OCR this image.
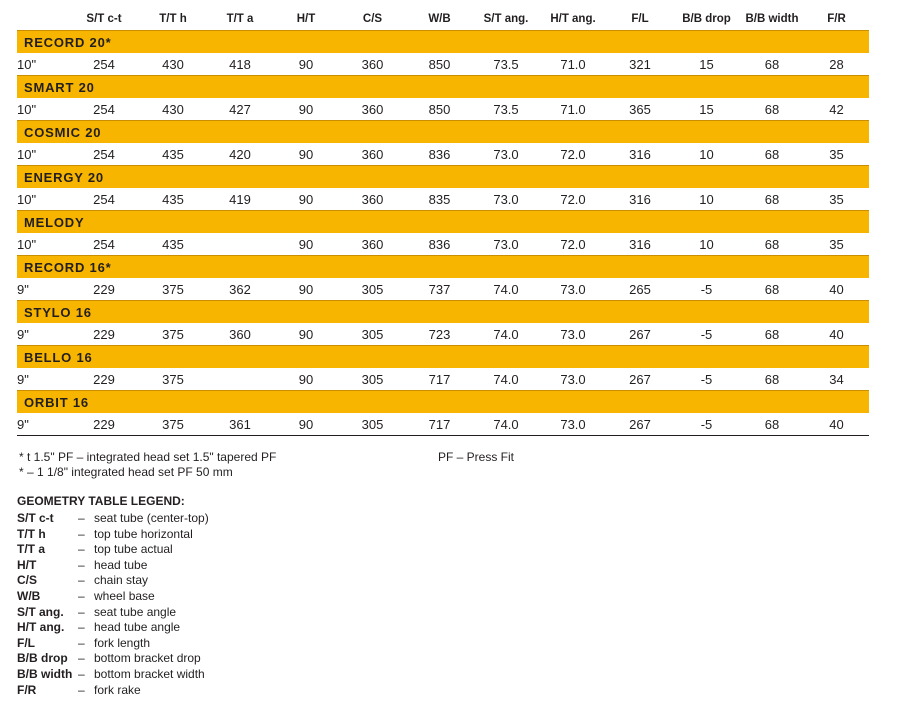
	S/T c-t	T/T h	T/T a	H/T	C/S	W/B	S/T ang.	H/T ang.	F/L	B/B drop	B/B width	F/R
RECORD 20*												
10"	254	430	418	90	360	850	73.5	71.0	321	15	68	28
SMART 20												
10"	254	430	427	90	360	850	73.5	71.0	365	15	68	42
COSMIC 20												
10"	254	435	420	90	360	836	73.0	72.0	316	10	68	35
ENERGY 20												
10"	254	435	419	90	360	835	73.0	72.0	316	10	68	35
MELODY												
10"	254	435		90	360	836	73.0	72.0	316	10	68	35
RECORD 16*												
9"	229	375	362	90	305	737	74.0	73.0	265	-5	68	40
STYLO 16												
9"	229	375	360	90	305	723	74.0	73.0	267	-5	68	40
BELLO 16												
9"	229	375		90	305	717	74.0	73.0	267	-5	68	34
ORBIT 16												
9"	229	375	361	90	305	717	74.0	73.0	267	-5	68	40

* t 1.5" PF – integrated head set 1.5" tapered PF
* – 1 1/8" integrated head set PF 50 mm
PF – Press Fit
GEOMETRY TABLE LEGEND:
S/T c-t	– seat tube (center-top)
T/T h	– top tube horizontal
T/T a	– top tube actual
H/T	– head tube
C/S	– chain stay
W/B	– wheel base
S/T ang.	– seat tube angle
H/T ang.	– head tube angle
F/L	– fork length
B/B drop – bottom bracket drop
B/B width – bottom bracket width
F/R	– fork rake
